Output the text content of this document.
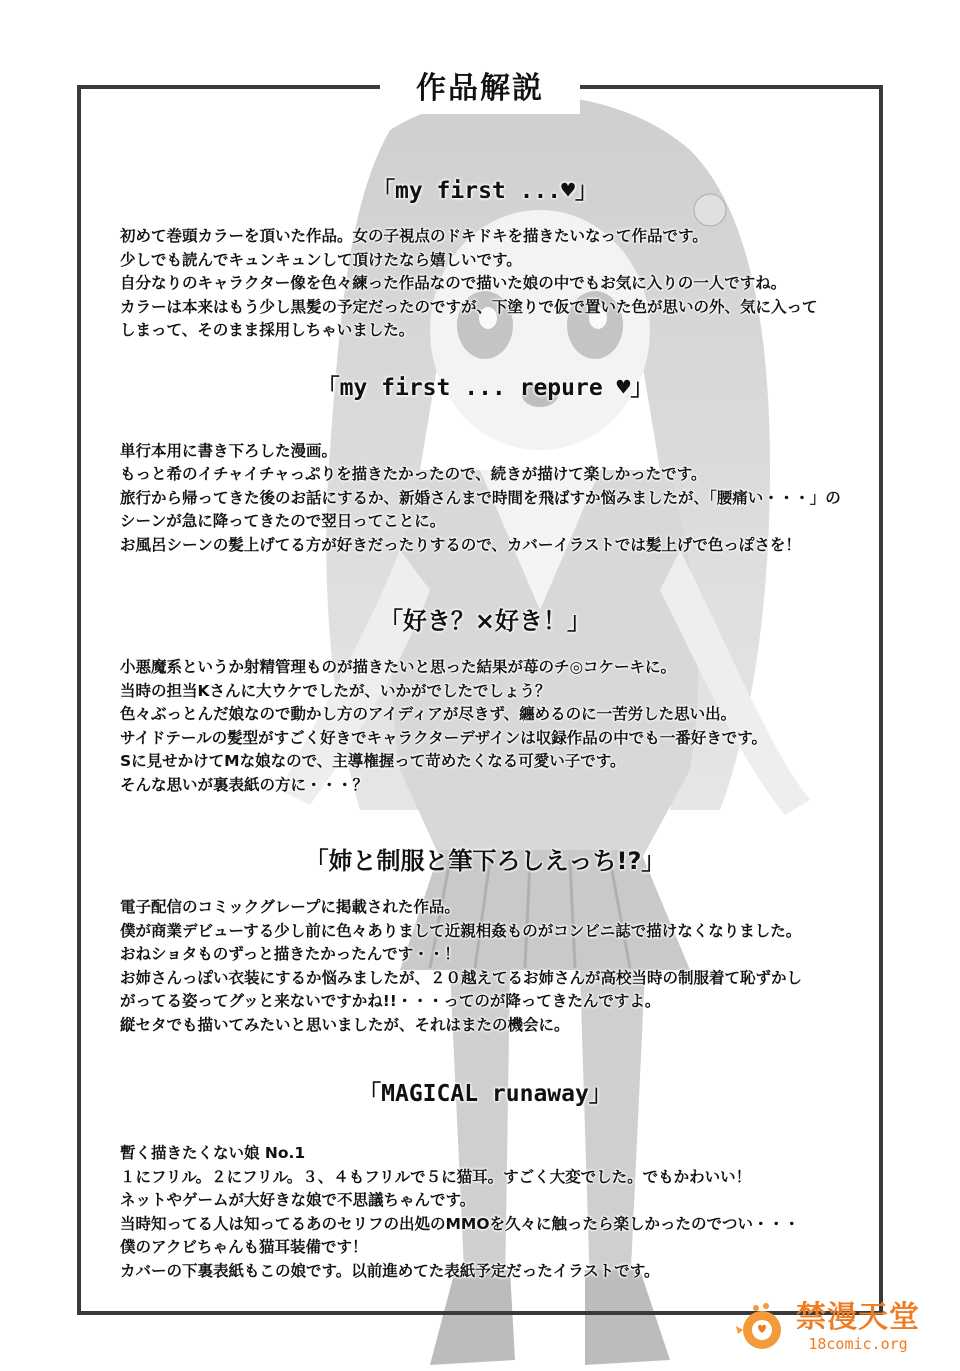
作品解説
「my first ...♥」
初めて巻頭カラーを頂いた作品。女の子視点のドキドキを描きたいなって作品です。
少しでも読んでキュンキュンして頂けたなら嬉しいです。
自分なりのキャラクター像を色々練った作品なので描いた娘の中でもお気に入りの一人ですね。
カラーは本来はもう少し黒髪の予定だったのですが、下塗りで仮で置いた色が思いの外、気に入って
しまって、そのまま採用しちゃいました。
「my first ... repure ♥」
単行本用に書き下ろした漫画。
もっと希のイチャイチャっぷりを描きたかったので、続きが描けて楽しかったです。
旅行から帰ってきた後のお話にするか、新婚さんまで時間を飛ばすか悩みましたが、「腰痛い・・・」の
シーンが急に降ってきたので翌日ってことに。
お風呂シーンの髪上げてる方が好きだったりするので、カバーイラストでは髪上げで色っぽさを！
「好き？×好き！」
小悪魔系というか射精管理ものが描きたいと思った結果が苺のチ◎コケーキに。
当時の担当Kさんに大ウケでしたが、いかがでしたでしょう？
色々ぶっとんだ娘なので動かし方のアイディアが尽きず、纏めるのに一苦労した思い出。
サイドテールの髪型がすごく好きでキャラクターデザインは収録作品の中でも一番好きです。
Sに見せかけてMな娘なので、主導権握って苛めたくなる可愛い子です。
そんな思いが裏表紙の方に・・・？
「姉と制服と筆下ろしえっち!?」
電子配信のコミックグレープに掲載された作品。
僕が商業デビューする少し前に色々ありまして近親相姦ものがコンビニ誌で描けなくなりました。
おねショタものずっと描きたかったんです・・！
お姉さんっぽい衣装にするか悩みましたが、２０越えてるお姉さんが高校当時の制服着て恥ずかし
がってる姿ってグッと来ないですかね!!・・・ってのが降ってきたんですよ。
縦セタでも描いてみたいと思いましたが、それはまたの機会に。
「MAGICAL runaway」
暫く描きたくない娘 No.1
１にフリル。２にフリル。３、４もフリルで５に猫耳。すごく大変でした。でもかわいい！
ネットやゲームが大好きな娘で不思議ちゃんです。
当時知ってる人は知ってるあのセリフの出処のMMOを久々に触ったら楽しかったのでつい・・・
僕のアクビちゃんも猫耳装備です！
カバーの下裏表紙もこの娘です。以前進めてた表紙予定だったイラストです。
禁漫天堂
18comic.org
